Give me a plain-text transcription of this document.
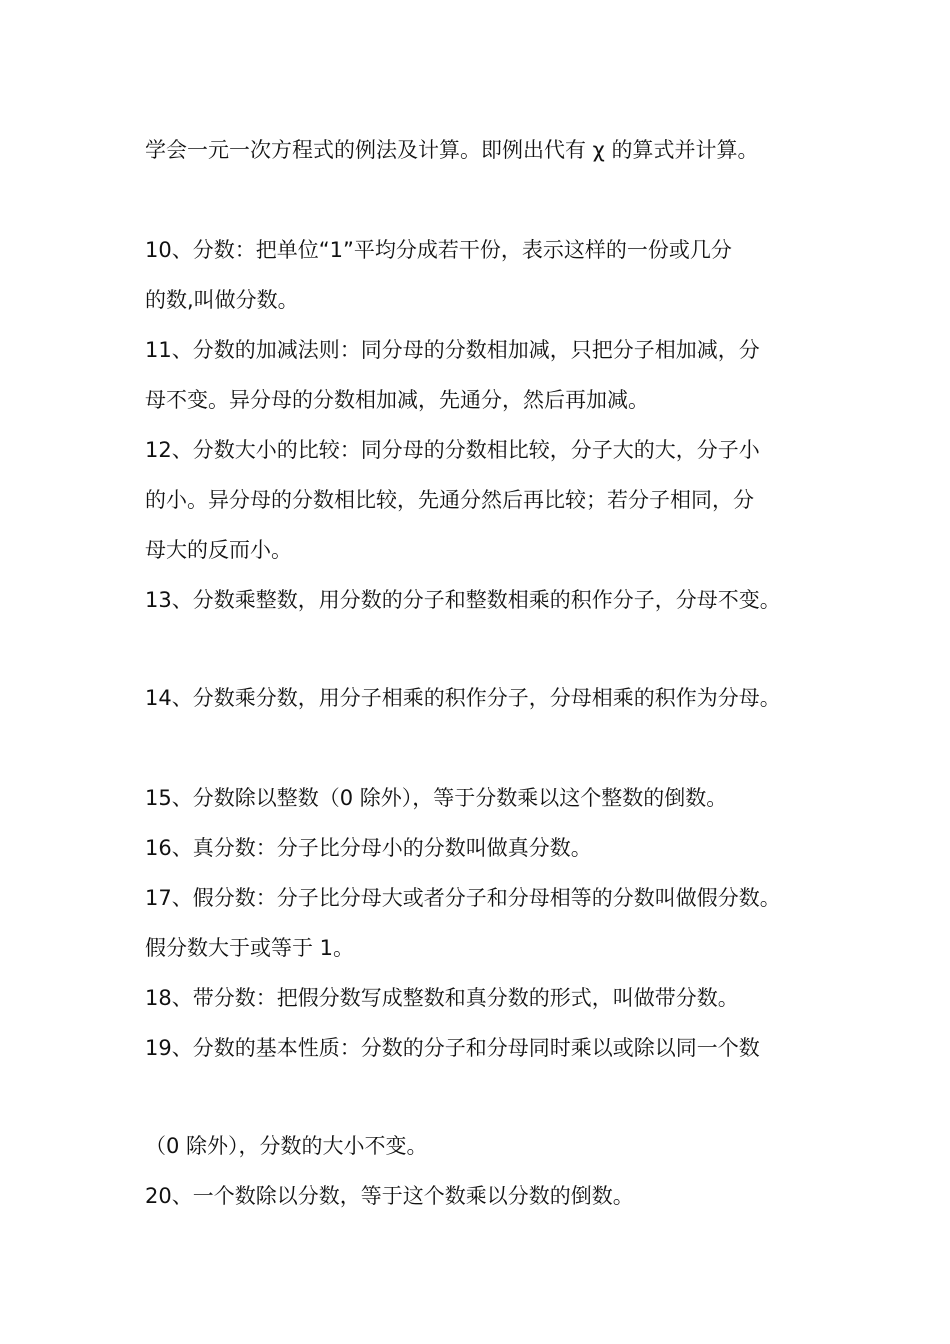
学会一元一次方程式的例法及计算。即例出代有 χ 的算式并计算。
10、分数：把单位“1”平均分成若干份，表示这样的一份或几分
的数,叫做分数。
11、分数的加减法则：同分母的分数相加减，只把分子相加减，分
母不变。异分母的分数相加减，先通分，然后再加减。
12、分数大小的比较：同分母的分数相比较，分子大的大，分子小
的小。异分母的分数相比较，先通分然后再比较；若分子相同，分
母大的反而小。
13、分数乘整数，用分数的分子和整数相乘的积作分子，分母不变。
14、分数乘分数，用分子相乘的积作分子，分母相乘的积作为分母。
15、分数除以整数（0 除外），等于分数乘以这个整数的倒数。
16、真分数：分子比分母小的分数叫做真分数。
17、假分数：分子比分母大或者分子和分母相等的分数叫做假分数。
假分数大于或等于 1。
18、带分数：把假分数写成整数和真分数的形式，叫做带分数。
19、分数的基本性质：分数的分子和分母同时乘以或除以同一个数
（0 除外），分数的大小不变。
20、一个数除以分数，等于这个数乘以分数的倒数。
